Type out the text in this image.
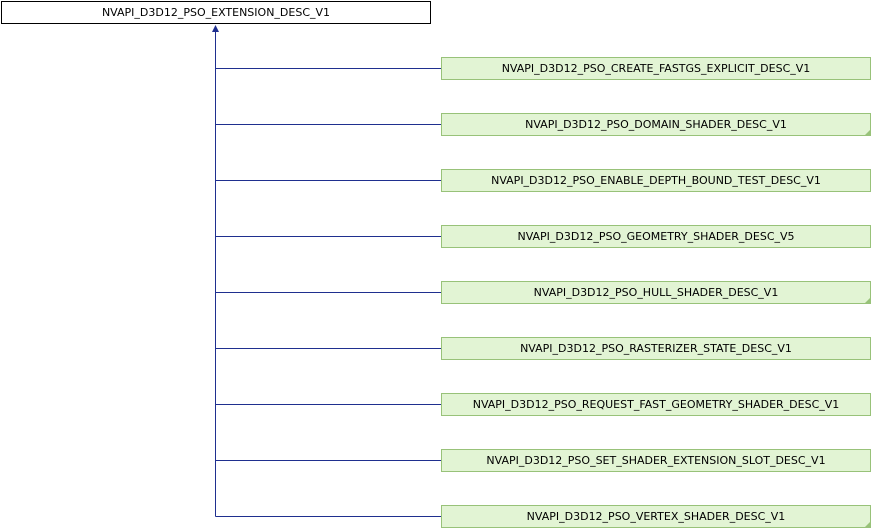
NVAPI_D3D12_PSO_EXTENSION_DESC_V1
NVAPI_D3D12_PSO_CREATE_FASTGS_EXPLICIT_DESC_V1
NVAPI_D3D12_PSO_DOMAIN_SHADER_DESC_V1
NVAPI_D3D12_PSO_ENABLE_DEPTH_BOUND_TEST_DESC_V1
NVAPI_D3D12_PSO_GEOMETRY_SHADER_DESC_V5
NVAPI_D3D12_PSO_HULL_SHADER_DESC_V1
NVAPI_D3D12_PSO_RASTERIZER_STATE_DESC_V1
NVAPI_D3D12_PSO_REQUEST_FAST_GEOMETRY_SHADER_DESC_V1
NVAPI_D3D12_PSO_SET_SHADER_EXTENSION_SLOT_DESC_V1
NVAPI_D3D12_PSO_VERTEX_SHADER_DESC_V1
